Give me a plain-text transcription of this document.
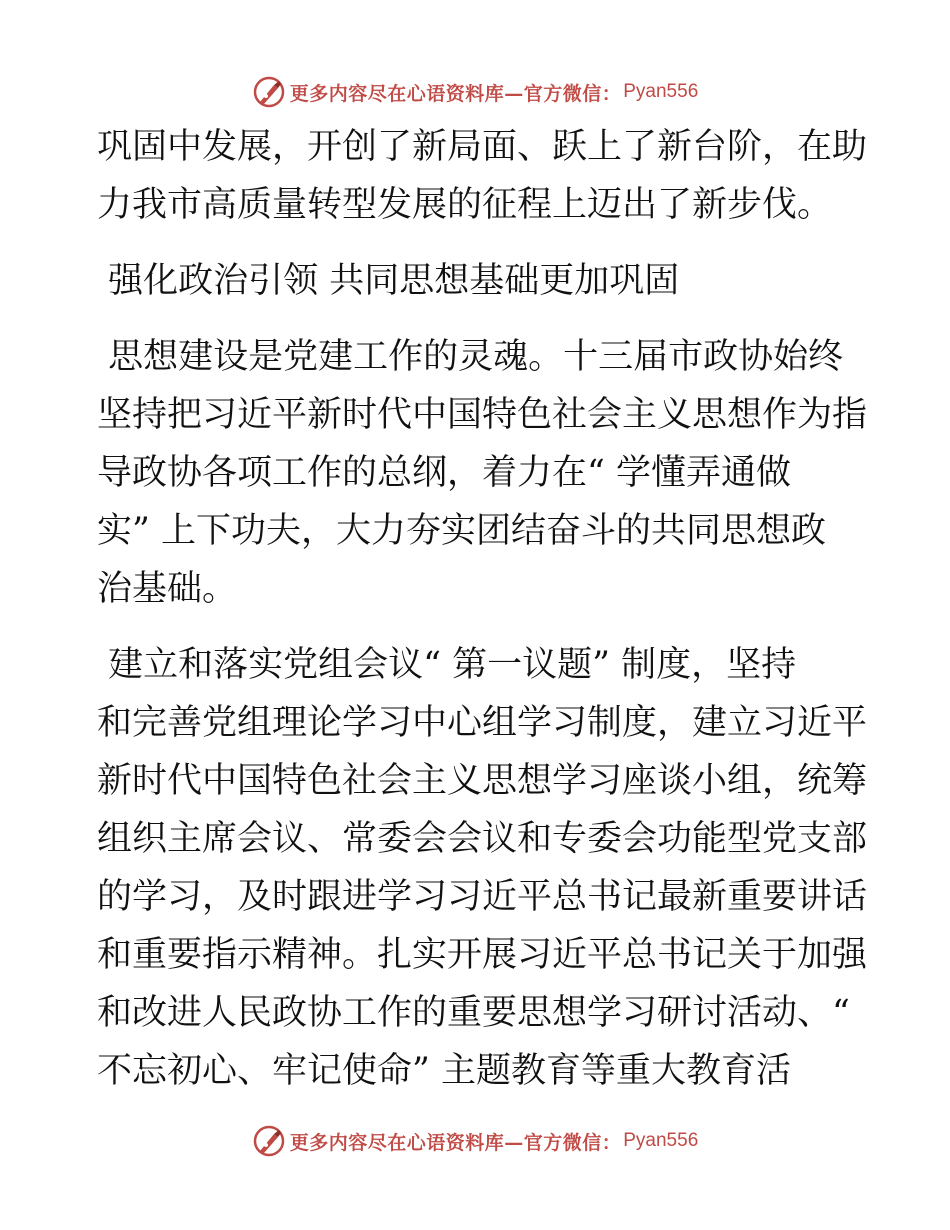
更多内容尽在心语资料库—官方微信： Pyan556
巩固中发展，开创了新局面、跃上了新台阶，在助
力我市高质量转型发展的征程上迈出了新步伐。
强化政治引领 共同思想基础更加巩固
思想建设是党建工作的灵魂。十三届市政协始终
坚持把习近平新时代中国特色社会主义思想作为指
导政协各项工作的总纲，着力在“ 学懂弄通做
实” 上下功夫，大力夯实团结奋斗的共同思想政
治基础。
建立和落实党组会议“ 第一议题” 制度，坚持
和完善党组理论学习中心组学习制度，建立习近平
新时代中国特色社会主义思想学习座谈小组，统筹
组织主席会议、常委会会议和专委会功能型党支部
的学习，及时跟进学习习近平总书记最新重要讲话
和重要指示精神。扎实开展习近平总书记关于加强
和改进人民政协工作的重要思想学习研讨活动、“
不忘初心、牢记使命” 主题教育等重大教育活
更多内容尽在心语资料库—官方微信： Pyan556
